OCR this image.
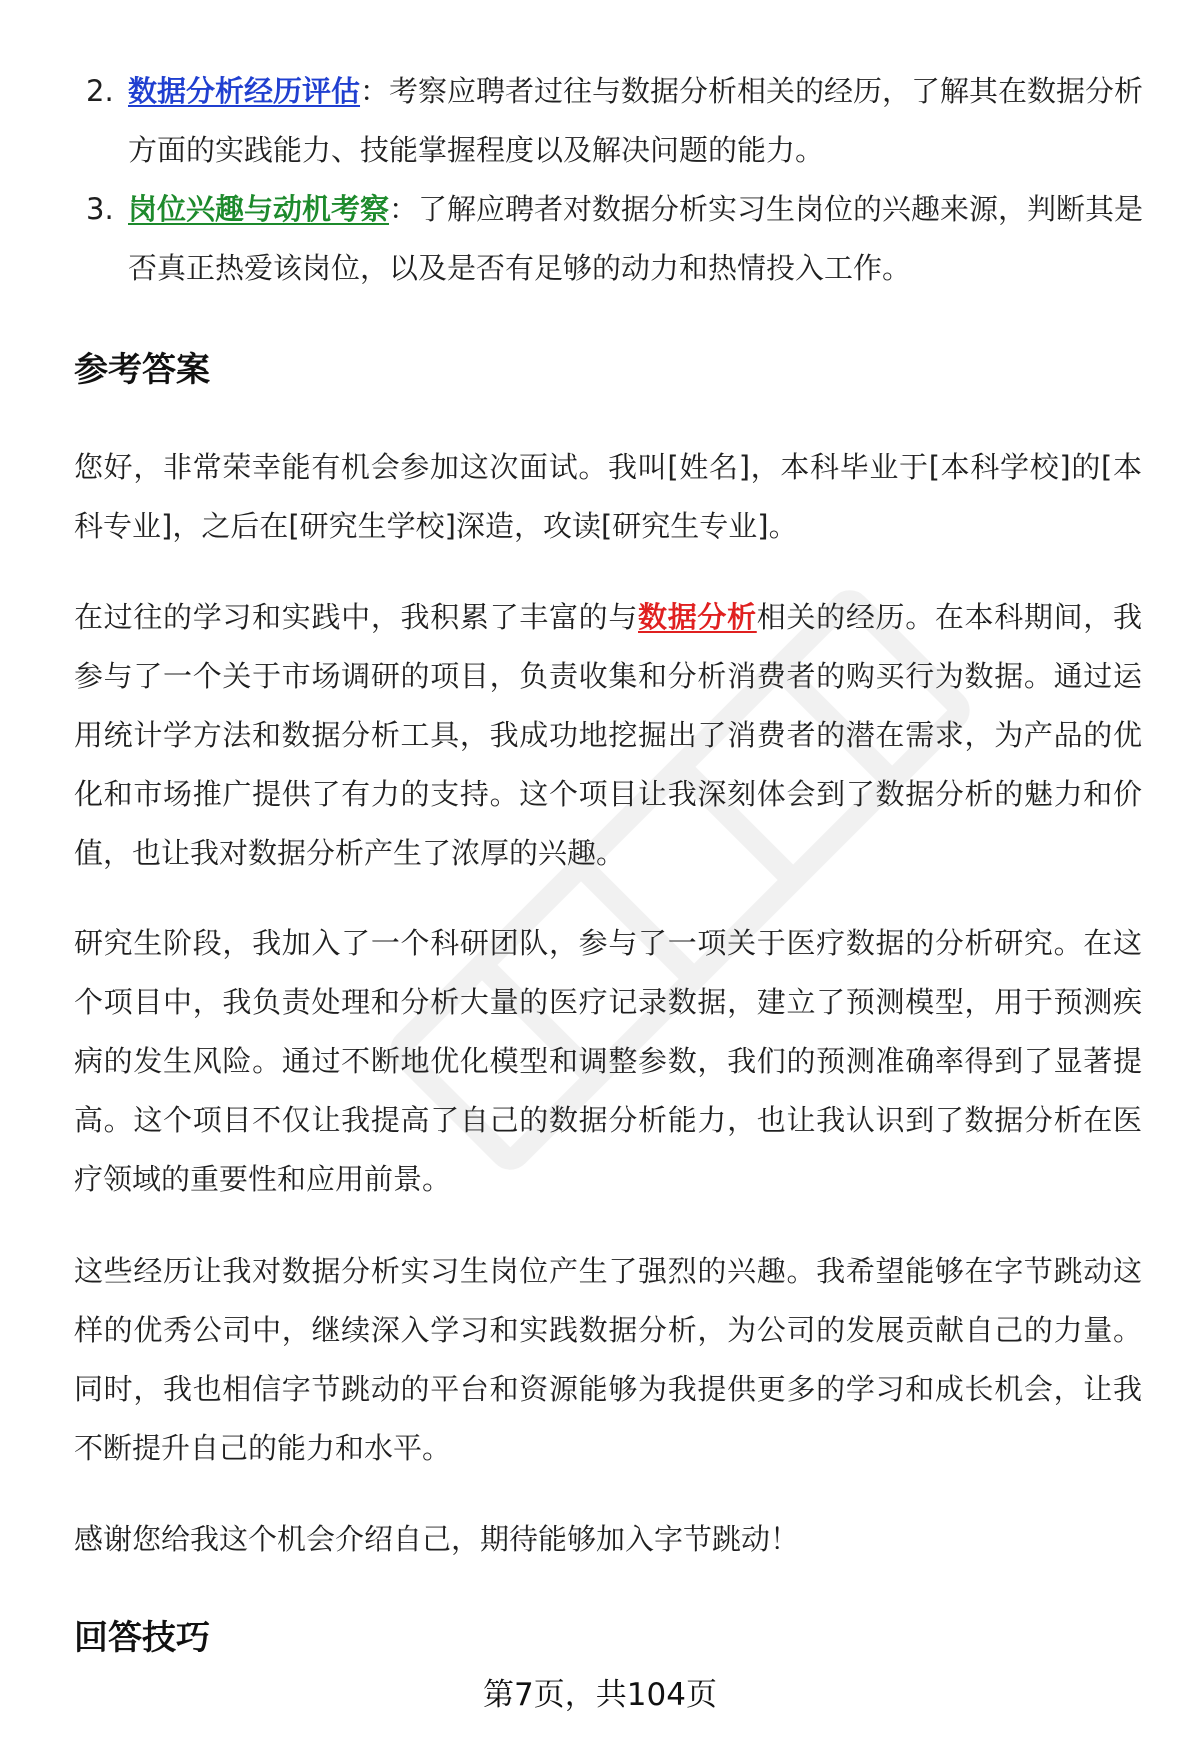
2. 数据分析经历评估：考察应聘者过往与数据分析相关的经历，了解其在数据分析方面的实践能力、技能掌握程度以及解决问题的能力。
3. 岗位兴趣与动机考察：了解应聘者对数据分析实习生岗位的兴趣来源，判断其是否真正热爱该岗位，以及是否有足够的动力和热情投入工作。
参考答案

您好，非常荣幸能有机会参加这次面试。我叫[姓名]，本科毕业于[本科学校]的[本科专业]，之后在[研究生学校]深造，攻读[研究生专业]。

在过往的学习和实践中，我积累了丰富的与数据分析相关的经历。在本科期间，我参与了一个关于市场调研的项目，负责收集和分析消费者的购买行为数据。通过运用统计学方法和数据分析工具，我成功地挖掘出了消费者的潜在需求，为产品的优化和市场推广提供了有力的支持。这个项目让我深刻体会到了数据分析的魅力和价值，也让我对数据分析产生了浓厚的兴趣。

研究生阶段，我加入了一个科研团队，参与了一项关于医疗数据的分析研究。在这个项目中，我负责处理和分析大量的医疗记录数据，建立了预测模型，用于预测疾病的发生风险。通过不断地优化模型和调整参数，我们的预测准确率得到了显著提高。这个项目不仅让我提高了自己的数据分析能力，也让我认识到了数据分析在医疗领域的重要性和应用前景。

这些经历让我对数据分析实习生岗位产生了强烈的兴趣。我希望能够在字节跳动这样的优秀公司中，继续深入学习和实践数据分析，为公司的发展贡献自己的力量。同时，我也相信字节跳动的平台和资源能够为我提供更多的学习和成长机会，让我不断提升自己的能力和水平。

感谢您给我这个机会介绍自己，期待能够加入字节跳动！

回答技巧
第7页，共104页
